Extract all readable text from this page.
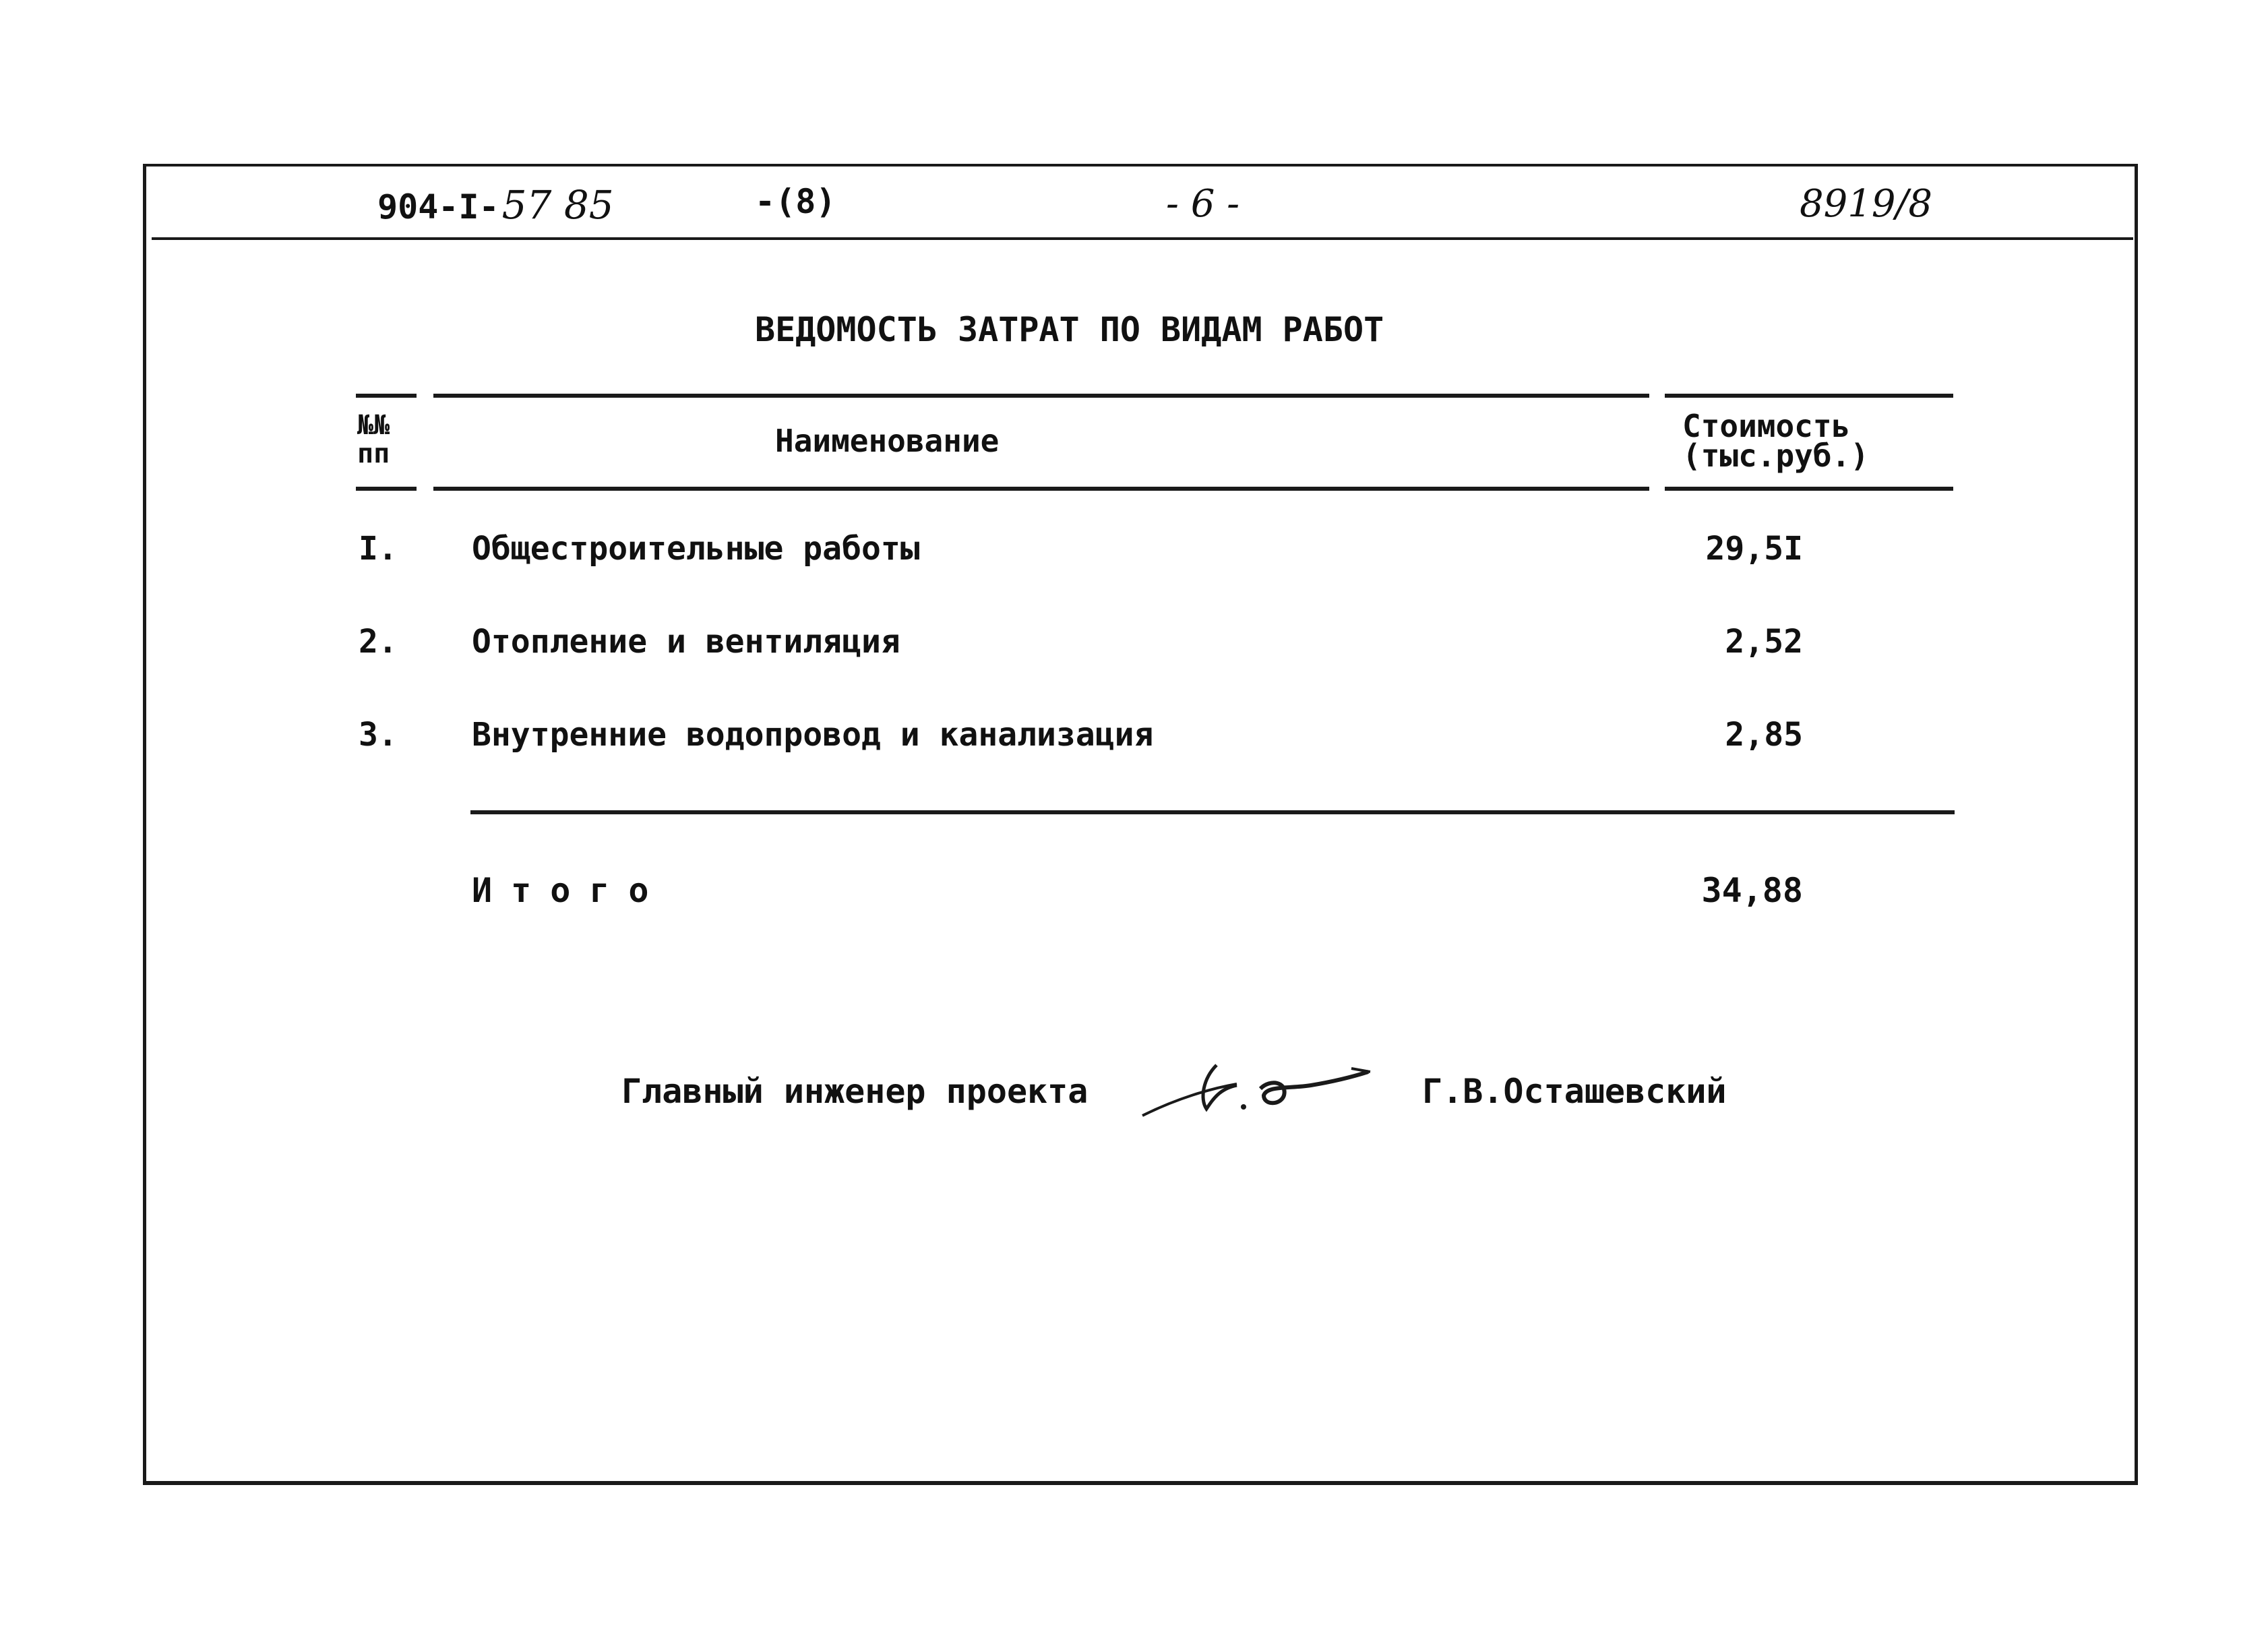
904-I-57 85	-(8)	- 6 -	8919/8
ВЕДОМОСТЬ ЗАТРАТ ПО ВИДАМ РАБОТ
№№
пп	Наименование	Стоимость
(тыс.руб.)
I. Общестроительные работы	29,5I
2. Отопление и вентиляция	2,52
3. Внутренние водопровод и канализация	2,85
Итого	34,88
Главный инженер проекта	Г.В.Осташевский
